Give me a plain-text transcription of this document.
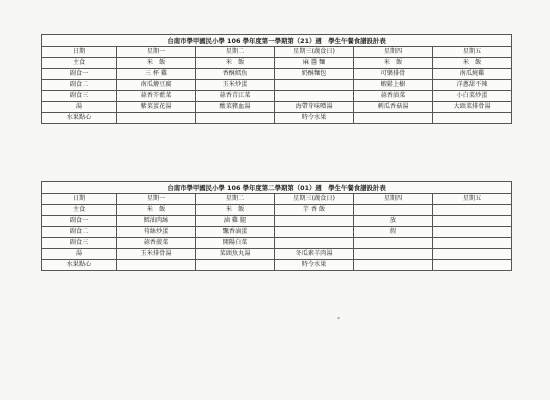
台南市學甲國民小學 106 學年度第一學期第（21）週　學生午餐食譜設計表					
日期	星期一	星期二	星期三(蔬食日)	星期四	星期五
主食	米　飯	米　飯	麻 醬 麵	米　飯	米　飯
副食一	三 杯 雞	香酥鱈魚	奶酥麵包	可樂排骨	南瓜燒雞
副食二	南瓜燴豆腐	玉米炒蛋		蝦鬆上樹	洋蔥甜不辣
副食三	蒜香芥藍菜	蒜香青江菜		蒜香油菜	小白菜炒蛋
湯	紫菜蛋花湯	酸菜豬血湯	海帶芽味噌湯	刺瓜香菇湯	大頭菜排骨湯
水果點心			時令水果		
台南市學甲國民小學 106 學年度第二學期第（01）週　學生午餐食譜設計表					
日期	星期一	星期二	星期三(蔬食日)	星期四	星期五
主食	米　飯	米　飯	芋 香 飯		
副食一	鱈油肉絲	滷 雞 腿		放	
副食二	苟絲炒蛋	飄香滷蛋		假	
副食三	蒜香菠菜	開陽白菜			
湯	玉米排骨湯	菜頭魚丸湯	冬瓜素羊肉湯		
水果點心			時令水果		
*
